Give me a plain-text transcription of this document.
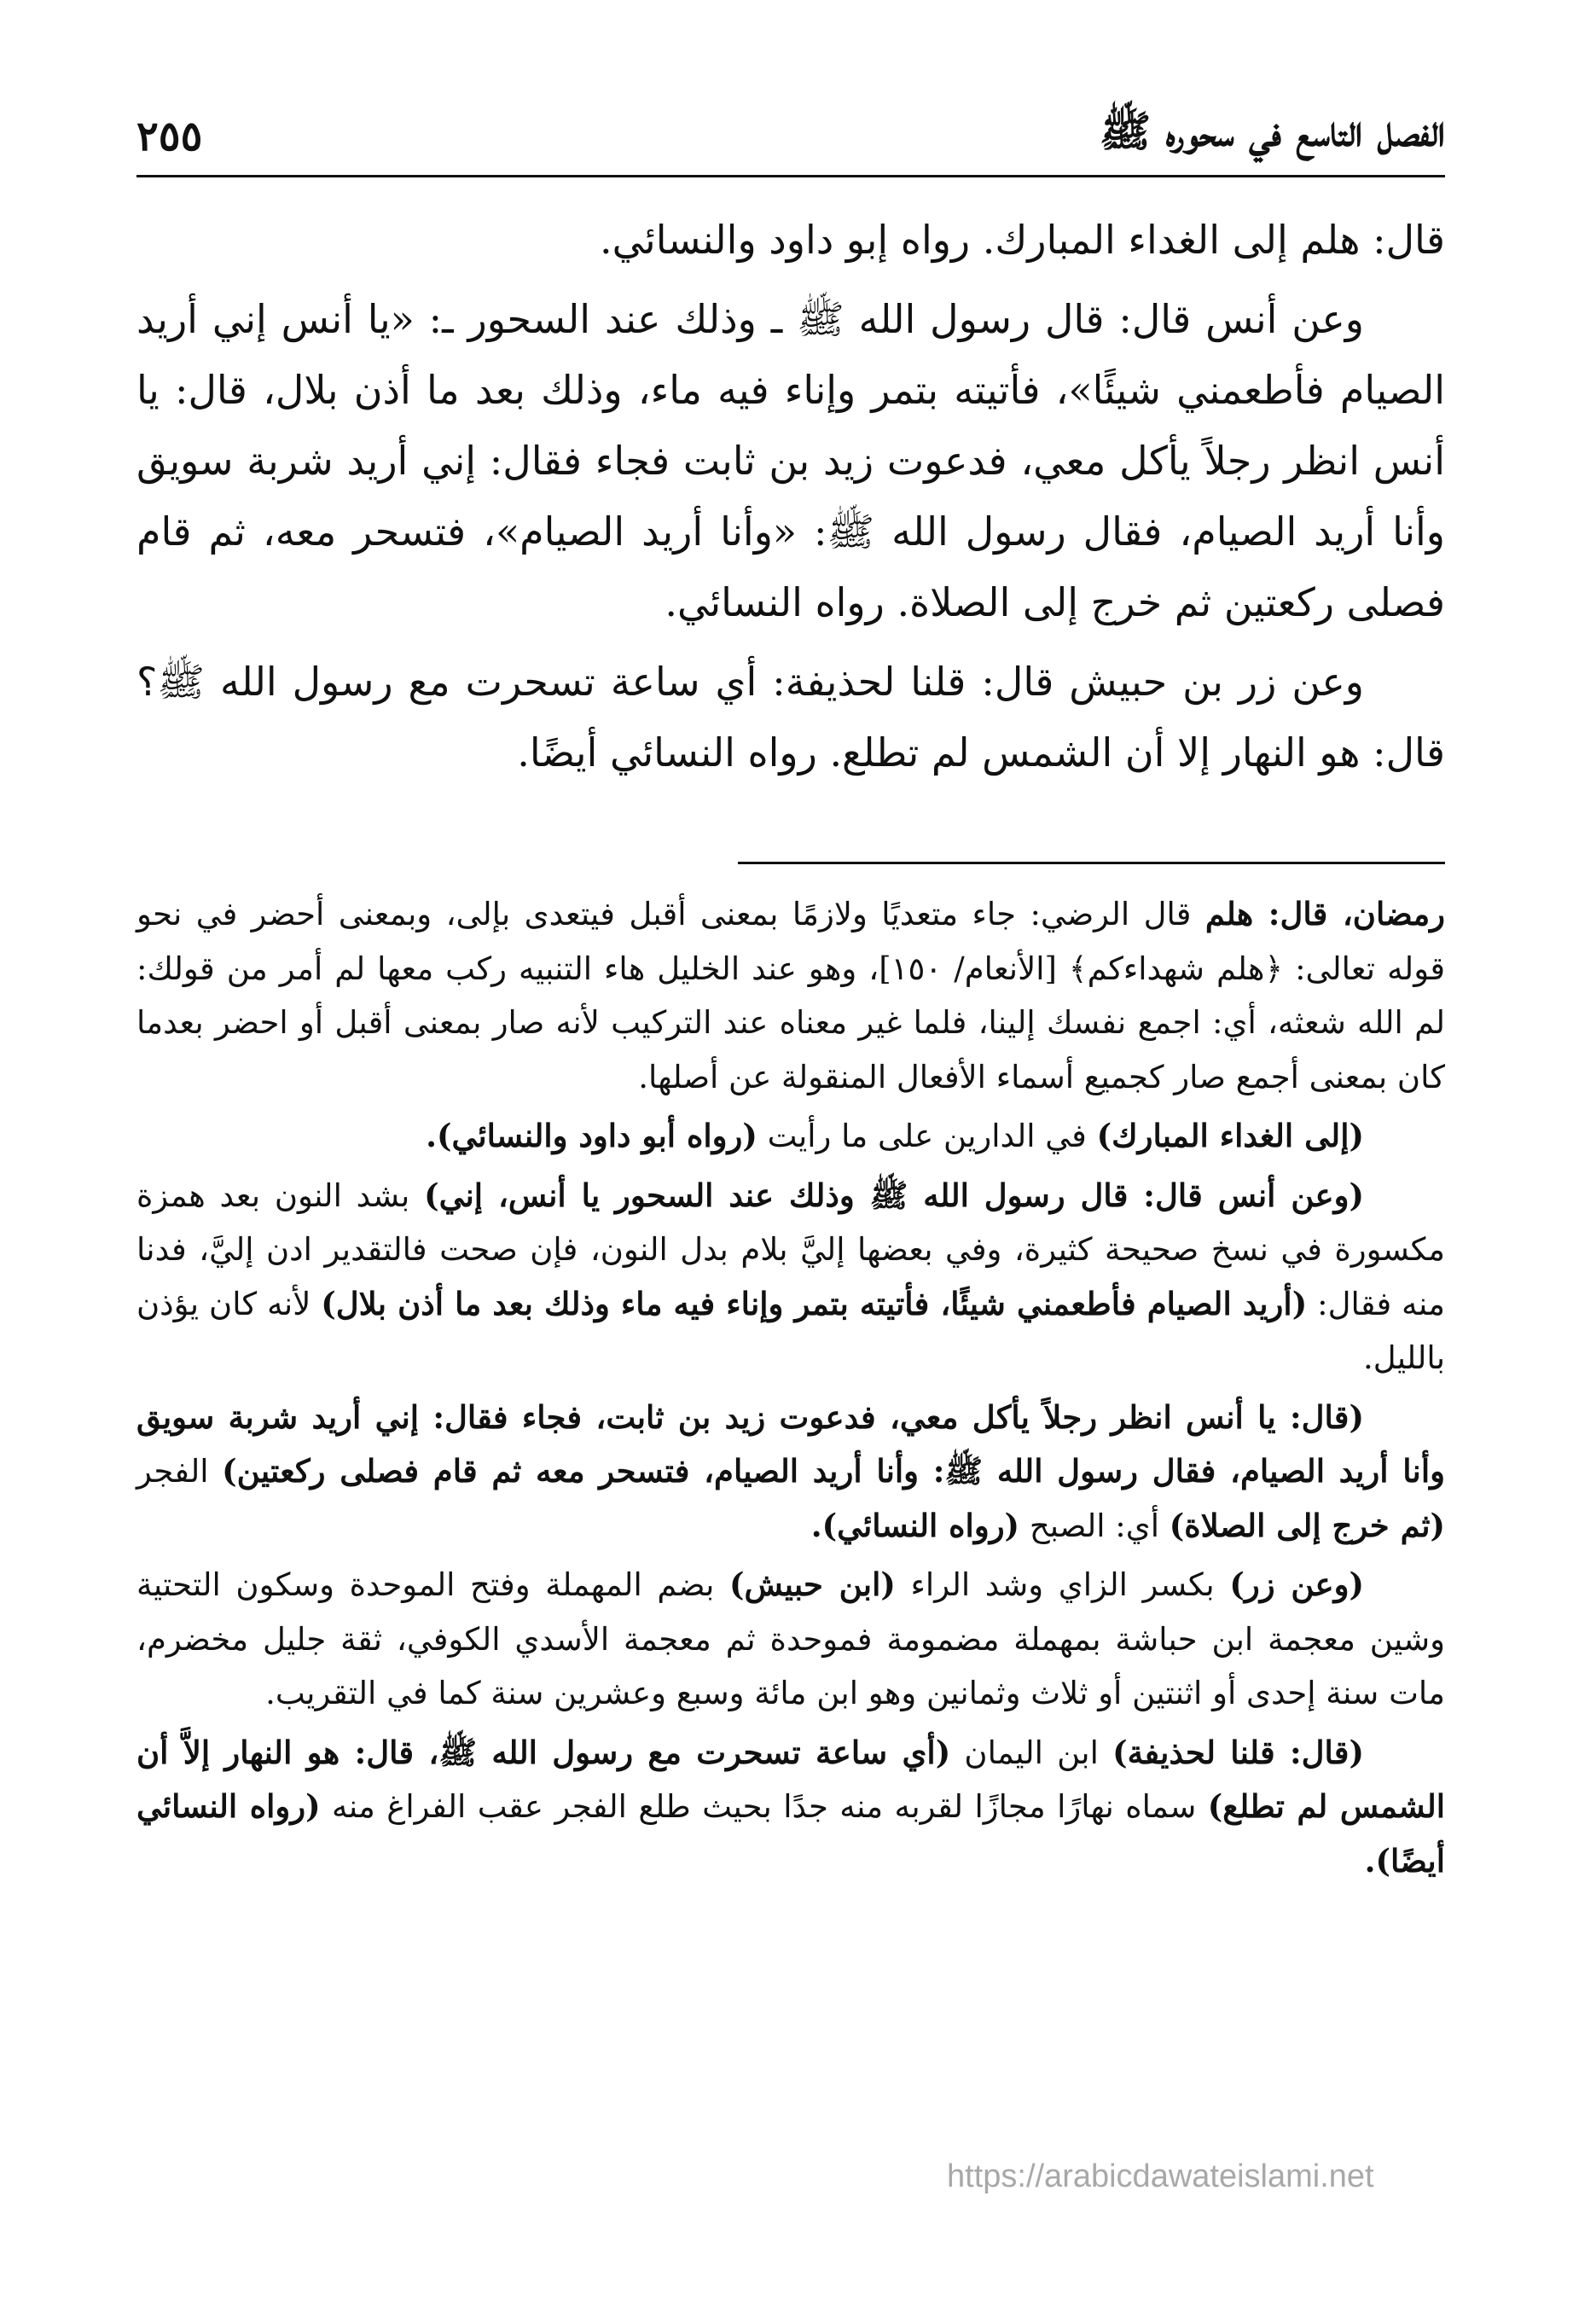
الفصل التاسع في سحوره ﷺ
٢٥٥

قال: هلم إلى الغداء المبارك. رواه إبو داود والنسائي.

وعن أنس قال: قال رسول الله ﷺ ـ وذلك عند السحور ـ: «يا أنس إني أريد الصيام فأطعمني شيئًا»، فأتيته بتمر وإناء فيه ماء، وذلك بعد ما أذن بلال، قال: يا أنس انظر رجلاً يأكل معي، فدعوت زيد بن ثابت فجاء فقال: إني أريد شربة سويق وأنا أريد الصيام، فقال رسول الله ﷺ: «وأنا أريد الصيام»، فتسحر معه، ثم قام فصلى ركعتين ثم خرج إلى الصلاة. رواه النسائي.

وعن زر بن حبيش قال: قلنا لحذيفة: أي ساعة تسحرت مع رسول الله ﷺ؟ قال: هو النهار إلا أن الشمس لم تطلع. رواه النسائي أيضًا.

رمضان، قال: هلم قال الرضي: جاء متعديًا ولازمًا بمعنى أقبل فيتعدى بإلى، وبمعنى أحضر في نحو قوله تعالى: ﴿هلم شهداءكم﴾ [الأنعام/ ١٥٠]، وهو عند الخليل هاء التنبيه ركب معها لم أمر من قولك: لم الله شعثه، أي: اجمع نفسك إلينا، فلما غير معناه عند التركيب لأنه صار بمعنى أقبل أو احضر بعدما كان بمعنى أجمع صار كجميع أسماء الأفعال المنقولة عن أصلها.

(إلى الغداء المبارك) في الدارين على ما رأيت (رواه أبو داود والنسائي).

(وعن أنس قال: قال رسول الله ﷺ وذلك عند السحور يا أنس، إني) بشد النون بعد همزة مكسورة في نسخ صحيحة كثيرة، وفي بعضها إليَّ بلام بدل النون، فإن صحت فالتقدير ادن إليَّ، فدنا منه فقال: (أريد الصيام فأطعمني شيئًا، فأتيته بتمر وإناء فيه ماء وذلك بعد ما أذن بلال) لأنه كان يؤذن بالليل.

(قال: يا أنس انظر رجلاً يأكل معي، فدعوت زيد بن ثابت، فجاء فقال: إني أريد شربة سويق وأنا أريد الصيام، فقال رسول الله ﷺ: وأنا أريد الصيام، فتسحر معه ثم قام فصلى ركعتين) الفجر (ثم خرج إلى الصلاة) أي: الصبح (رواه النسائي).

(وعن زر) بكسر الزاي وشد الراء (ابن حبيش) بضم المهملة وفتح الموحدة وسكون التحتية وشين معجمة ابن حباشة بمهملة مضمومة فموحدة ثم معجمة الأسدي الكوفي، ثقة جليل مخضرم، مات سنة إحدى أو اثنتين أو ثلاث وثمانين وهو ابن مائة وسبع وعشرين سنة كما في التقريب.

(قال: قلنا لحذيفة) ابن اليمان (أي ساعة تسحرت مع رسول الله ﷺ، قال: هو النهار إلاَّ أن الشمس لم تطلع) سماه نهارًا مجازًا لقربه منه جدًا بحيث طلع الفجر عقب الفراغ منه (رواه النسائي أيضًا).

https://arabicdawateislami.net
